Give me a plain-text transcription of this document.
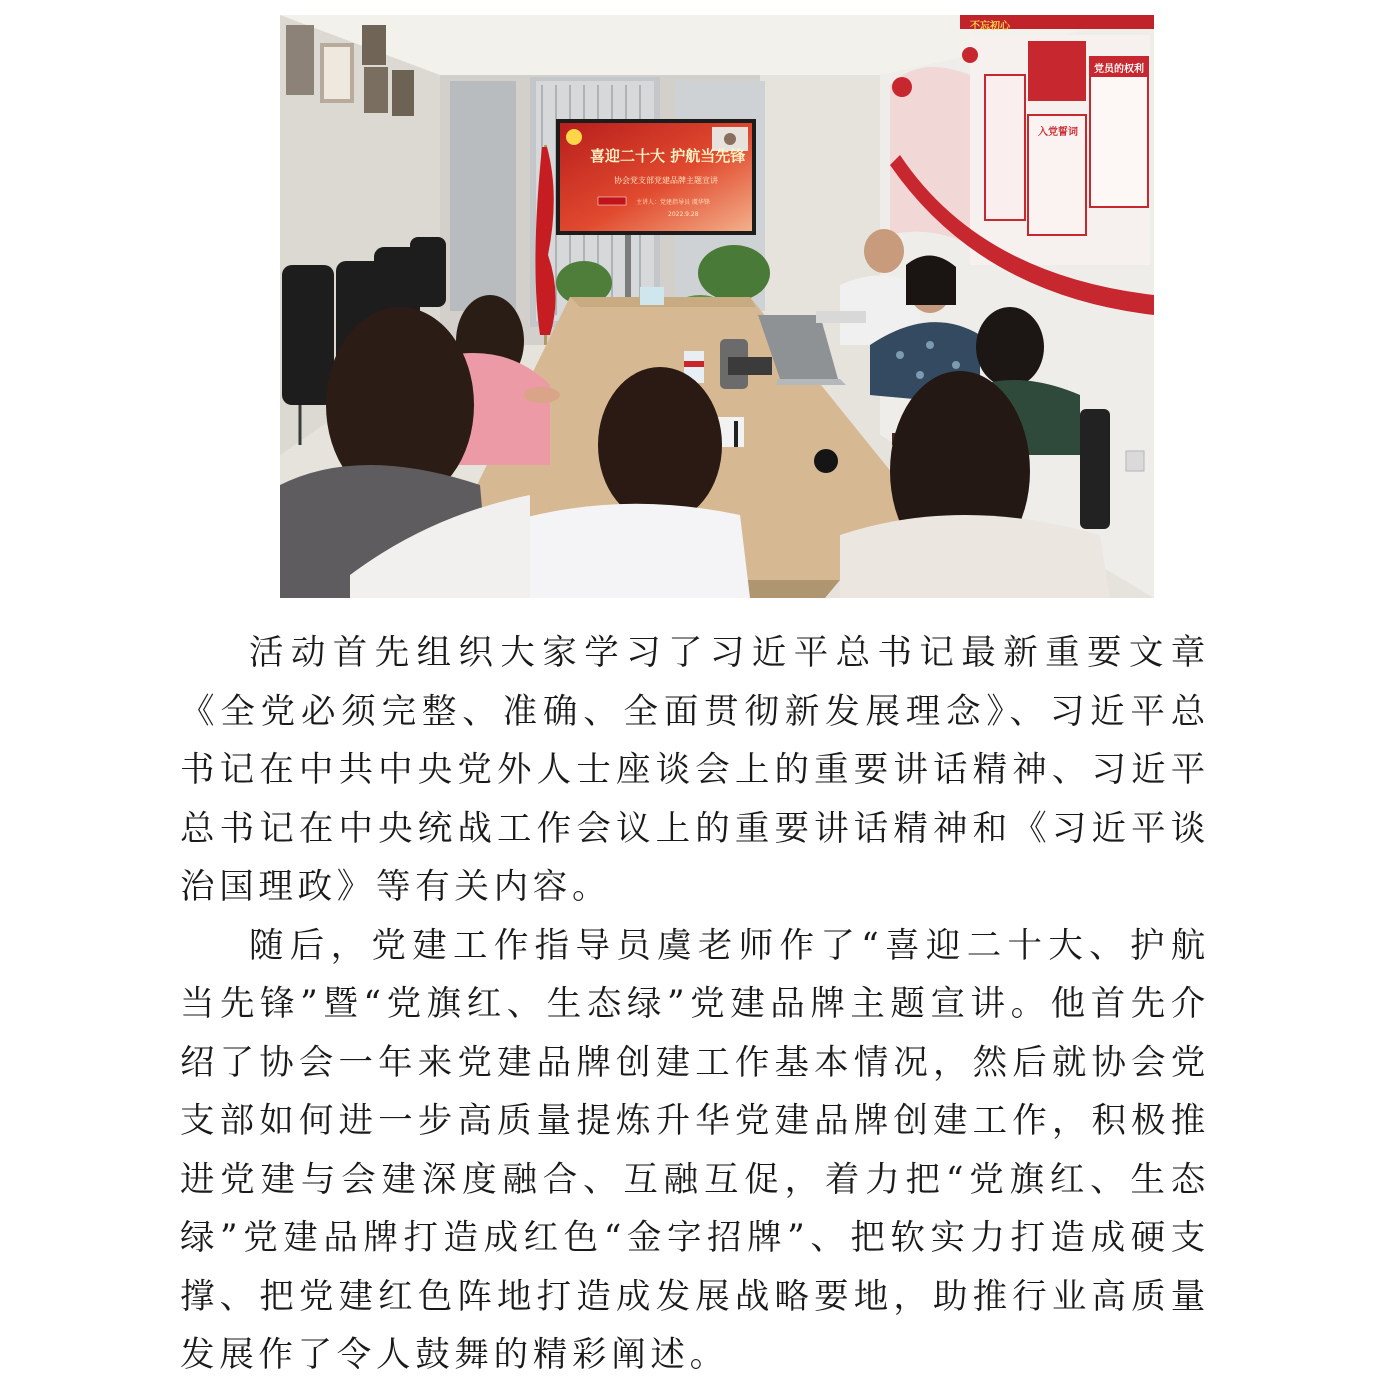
不忘初心
党员的权利
入党誓词
喜迎二十大 护航当先锋
协会党支部党建品牌主题宣讲
主讲人：党建指导员 虞华锋
2022.9.28

活动首先组织大家学习了习近平总书记最新重要文章《全党必须完整、准确、全面贯彻新发展理念》、习近平总书记在中共中央党外人士座谈会上的重要讲话精神、习近平总书记在中央统战工作会议上的重要讲话精神和《习近平谈治国理政》等有关内容。

随后，党建工作指导员虞老师作了“喜迎二十大、护航当先锋”暨“党旗红、生态绿”党建品牌主题宣讲。他首先介绍了协会一年来党建品牌创建工作基本情况，然后就协会党支部如何进一步高质量提炼升华党建品牌创建工作，积极推进党建与会建深度融合、互融互促，着力把“党旗红、生态绿”党建品牌打造成红色“金字招牌”、把软实力打造成硬支撑、把党建红色阵地打造成发展战略要地，助推行业高质量发展作了令人鼓舞的精彩阐述。
